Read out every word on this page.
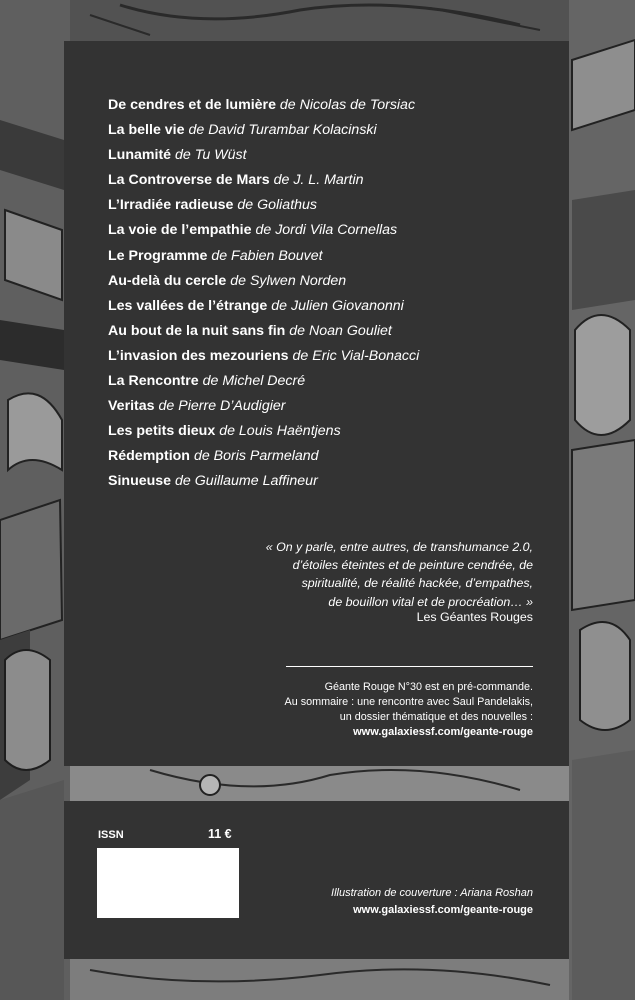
De cendres et de lumière de Nicolas de Torsiac
La belle vie de David Turambar Kolacinski
Lunamité de Tu Wüst
La Controverse de Mars de J. L. Martin
L’Irradiée radieuse de Goliathus
La voie de l’empathie de Jordi Vila Cornellas
Le Programme de Fabien Bouvet
Au-delà du cercle de Sylwen Norden
Les vallées de l’étrange de Julien Giovanonni
Au bout de la nuit sans fin de Noan Gouliet
L’invasion des mezouriens de Eric Vial-Bonacci
La Rencontre de Michel Decré
Veritas de Pierre D’Audigier
Les petits dieux de Louis Haëntjens
Rédemption de Boris Parmeland
Sinueuse de Guillaume Laffineur
« On y parle, entre autres, de transhumance 2.0,
d’étoiles éteintes et de peinture cendrée, de
spiritualité, de réalité hackée, d’empathes,
de bouillon vital et de procréation… »
Les Géantes Rouges
Géante Rouge N°30 est en pré-commande.
Au sommaire : une rencontre avec Saul Pandelakis,
un dossier thématique et des nouvelles :
www.galaxiessf.com/geante-rouge
ISSN	11 €
Illustration de couverture : Ariana Roshan
www.galaxiessf.com/geante-rouge
